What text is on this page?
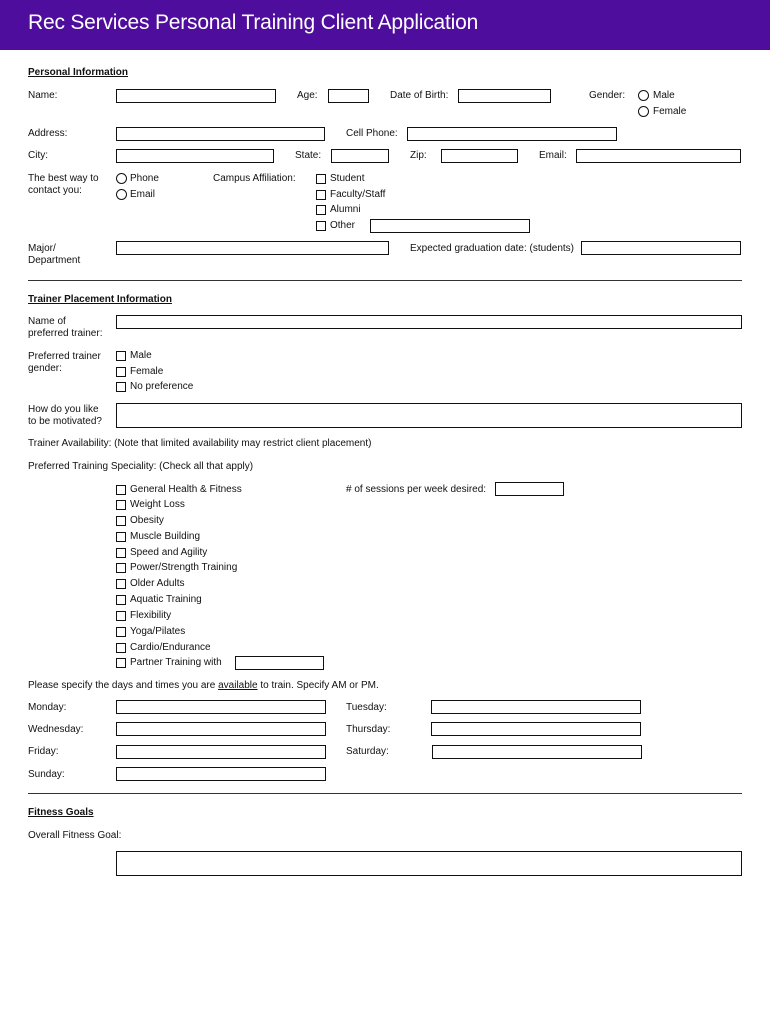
Rec Services Personal Training Client Application
Personal Information
Name:	Age:	Date of Birth:	Gender:	Male
Female
Address:	Cell Phone:
City:	State:	Zip:	Email:
The best way to
contact you:
Phone
Email
Campus Affiliation:	Student
Faculty/Staff
Alumni
Other
Major/
Department
Expected graduation date: (students)
Trainer Placement Information
Name of
preferred trainer:
Preferred trainer
gender:
Male
Female
No preference
How do you like
to be motivated?
Trainer Availability: (Note that limited availability may restrict client placement)
Preferred Training Speciality: (Check all that apply)
General Health & Fitness
Weight Loss
Obesity
Muscle Building
Speed and Agility
Power/Strength Training
Older Adults
Aquatic Training
Flexibility
Yoga/Pilates
Cardio/Endurance
Partner Training with
# of sessions per week desired:
Please specify the days and times you are available to train. Specify AM or PM.
Monday:	Tuesday:
Wednesday:	Thursday:
Friday:	Saturday:
Sunday:
Fitness Goals
Overall Fitness Goal:
